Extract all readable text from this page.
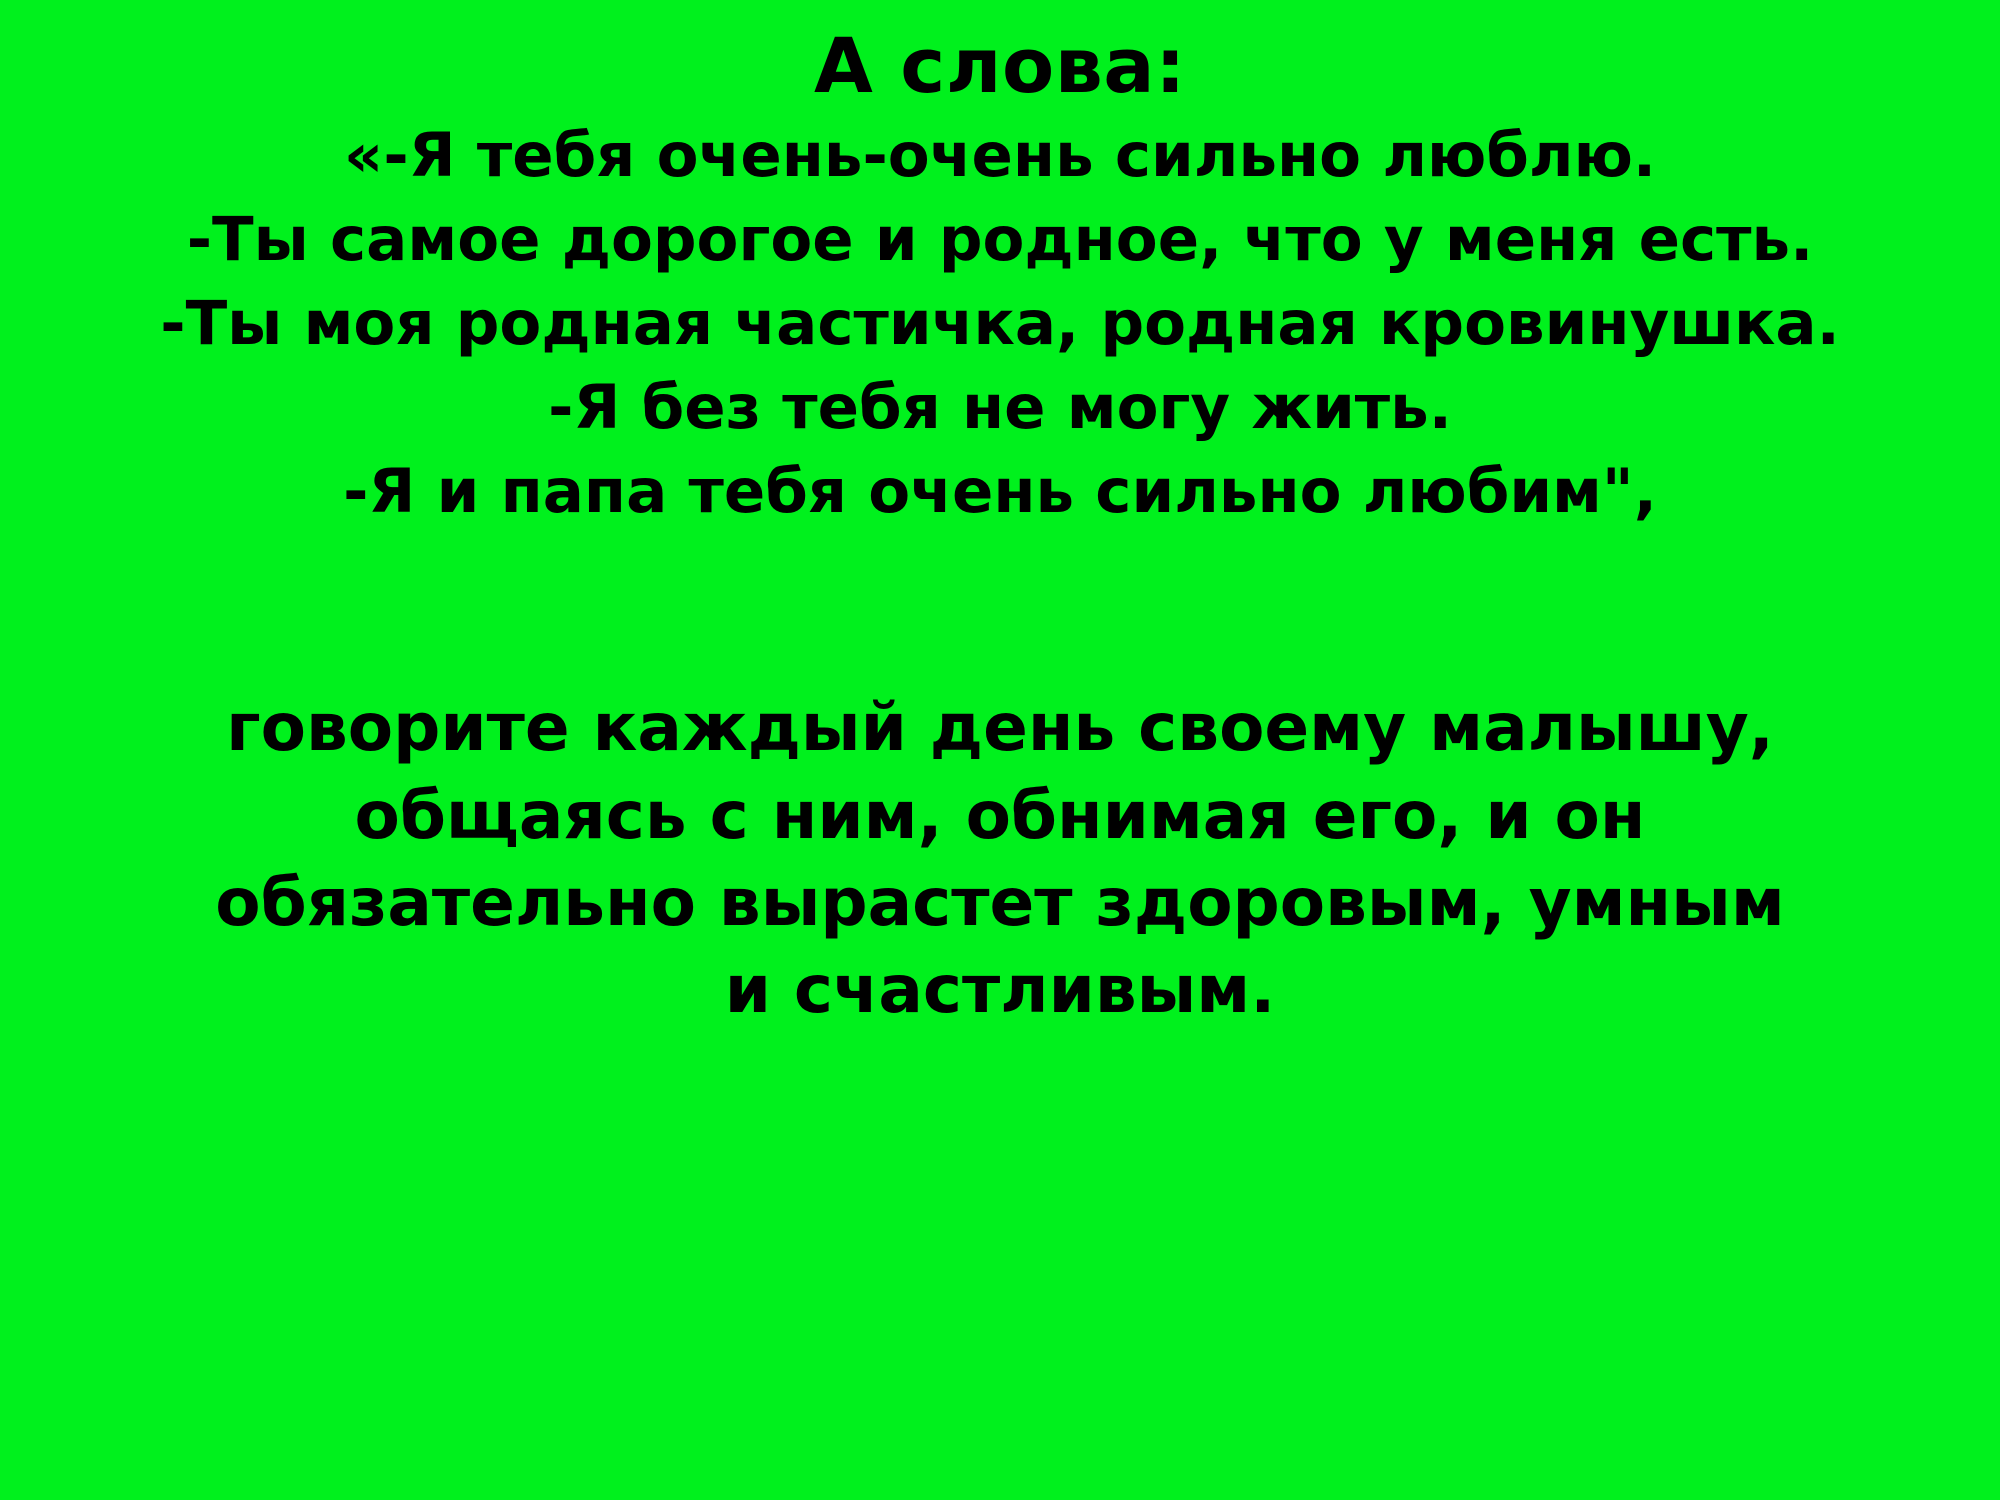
А слова:
«-Я тебя очень-очень сильно люблю.
-Ты самое дорогое и родное, что у меня есть.
-Ты моя родная частичка, родная кровинушка.
-Я без тебя не могу жить.
-Я и папа тебя очень сильно любим",
говорите каждый день своему малышу,
общаясь с ним, обнимая его, и он
обязательно вырастет здоровым, умным
и счастливым.
